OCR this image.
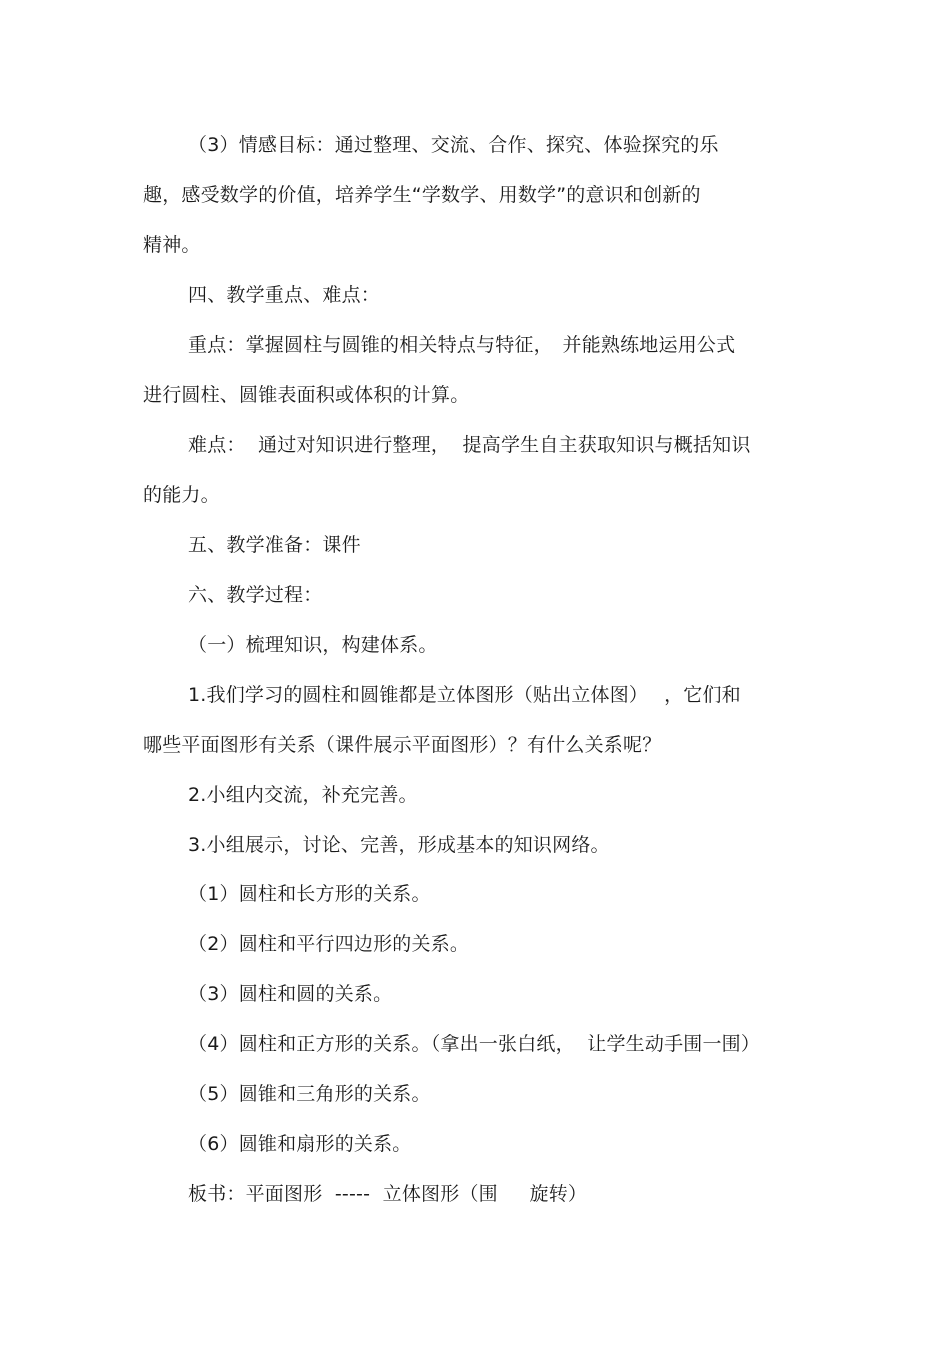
（3）情感目标：通过整理、交流、合作、探究、体验探究的乐
趣，感受数学的价值，培养学生“学数学、用数学”的意识和创新的
精神。
四、教学重点、难点：
重点：掌握圆柱与圆锥的相关特点与特征，　并能熟练地运用公式
进行圆柱、圆锥表面积或体积的计算。
难点：  通过对知识进行整理，  提高学生自主获取知识与概括知识
的能力。
五、教学准备：课件
六、教学过程：
（一）梳理知识，构建体系。
1.我们学习的圆柱和圆锥都是立体图形（贴出立体图）　 ，它们和
哪些平面图形有关系（课件展示平面图形）？有什么关系呢？
2.小组内交流，补充完善。
3.小组展示，讨论、完善，形成基本的知识网络。
（1）圆柱和长方形的关系。
（2）圆柱和平行四边形的关系。
（3）圆柱和圆的关系。
（4）圆柱和正方形的关系。（拿出一张白纸，  让学生动手围一围）
（5）圆锥和三角形的关系。
（6）圆锥和扇形的关系。
板书：平面图形  -----  立体图形（围　  旋转）
